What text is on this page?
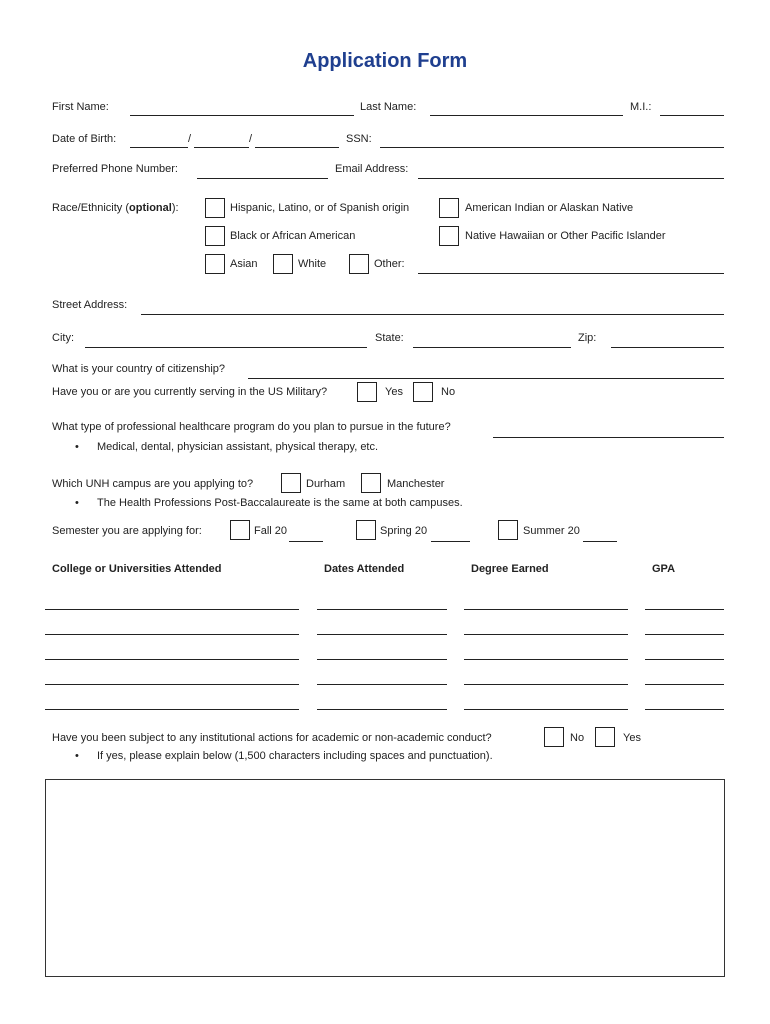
Application Form
First Name:	Last Name:	M.I.:
Date of Birth:	/	/	SSN:
Preferred Phone Number:	Email Address:
Race/Ethnicity (optional):	Hispanic, Latino, or of Spanish origin	American Indian or Alaskan Native
Black or African American	Native Hawaiian or Other Pacific Islander
Asian	White	Other:
Street Address:
City:	State:	Zip:
What is your country of citizenship?
Have you or are you currently serving in the US Military?	Yes	No
What type of professional healthcare program do you plan to pursue in the future?
• Medical, dental, physician assistant, physical therapy, etc.
Which UNH campus are you applying to?	Durham	Manchester
• The Health Professions Post-Baccalaureate is the same at both campuses.
Semester you are applying for:	Fall 20	Spring 20	Summer 20
College or Universities Attended	Dates Attended	Degree Earned	GPA
Have you been subject to any institutional actions for academic or non-academic conduct?	No	Yes
• If yes, please explain below (1,500 characters including spaces and punctuation).
